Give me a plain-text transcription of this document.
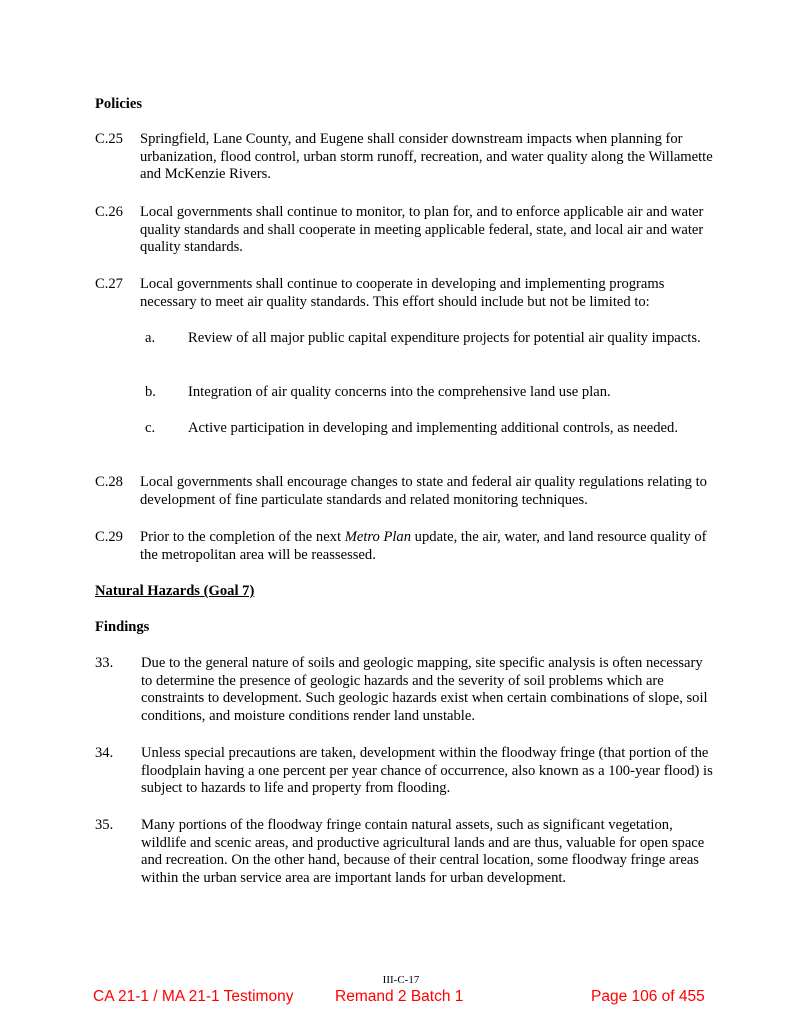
Policies
C.25 Springfield, Lane County, and Eugene shall consider downstream impacts when planning for urbanization, flood control, urban storm runoff, recreation, and water quality along the Willamette and McKenzie Rivers.
C.26 Local governments shall continue to monitor, to plan for, and to enforce applicable air and water quality standards and shall cooperate in meeting applicable federal, state, and local air and water quality standards.
C.27 Local governments shall continue to cooperate in developing and implementing programs necessary to meet air quality standards. This effort should include but not be limited to:
a. Review of all major public capital expenditure projects for potential air quality impacts.
b. Integration of air quality concerns into the comprehensive land use plan.
c. Active participation in developing and implementing additional controls, as needed.
C.28 Local governments shall encourage changes to state and federal air quality regulations relating to development of fine particulate standards and related monitoring techniques.
C.29 Prior to the completion of the next Metro Plan update, the air, water, and land resource quality of the metropolitan area will be reassessed.
Natural Hazards (Goal 7)
Findings
33. Due to the general nature of soils and geologic mapping, site specific analysis is often necessary to determine the presence of geologic hazards and the severity of soil problems which are constraints to development. Such geologic hazards exist when certain combinations of slope, soil conditions, and moisture conditions render land unstable.
34. Unless special precautions are taken, development within the floodway fringe (that portion of the floodplain having a one percent per year chance of occurrence, also known as a 100-year flood) is subject to hazards to life and property from flooding.
35. Many portions of the floodway fringe contain natural assets, such as significant vegetation, wildlife and scenic areas, and productive agricultural lands and are thus, valuable for open space and recreation. On the other hand, because of their central location, some floodway fringe areas within the urban service area are important lands for urban development.
III-C-17
CA 21-1 / MA 21-1 Testimony	Remand 2 Batch 1	Page 106 of 455
